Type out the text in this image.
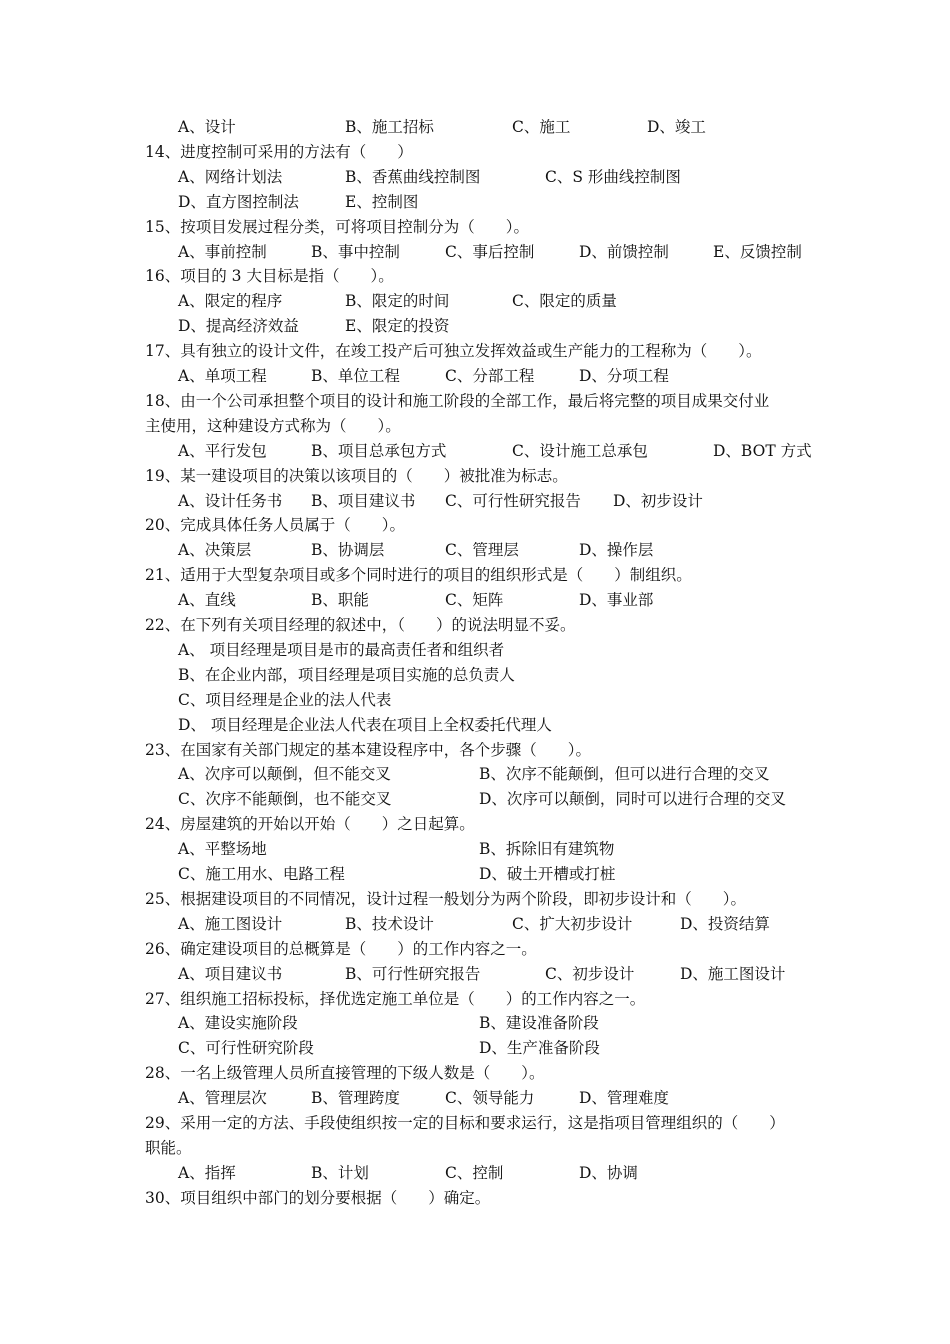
A、设计	B、施工招标	C、施工	D、竣工
14、进度控制可采用的方法有（　　）
A、网络计划法	B、香蕉曲线控制图	C、S 形曲线控制图
D、直方图控制法	E、控制图
15、按项目发展过程分类，可将项目控制分为（　　）。
A、事前控制	B、事中控制	C、事后控制	D、前馈控制	E、反馈控制
16、项目的 3 大目标是指（　　）。
A、限定的程序	B、限定的时间	C、限定的质量
D、提高经济效益	E、限定的投资
17、具有独立的设计文件，在竣工投产后可独立发挥效益或生产能力的工程称为（　　）。
A、单项工程	B、单位工程	C、分部工程	D、分项工程
18、由一个公司承担整个项目的设计和施工阶段的全部工作，最后将完整的项目成果交付业
主使用，这种建设方式称为（　　）。
A、平行发包	B、项目总承包方式	C、设计施工总承包	D、BOT 方式
19、某一建设项目的决策以该项目的（　　）被批准为标志。
A、设计任务书 B、项目建议书 C、可行性研究报告 D、初步设计
20、完成具体任务人员属于（　　）。
A、决策层	B、协调层	C、管理层	D、操作层
21、适用于大型复杂项目或多个同时进行的项目的组织形式是（　　）制组织。
A、直线	B、职能	C、矩阵	D、事业部
22、在下列有关项目经理的叙述中，（　　）的说法明显不妥。
A、 项目经理是项目是市的最高责任者和组织者
B、在企业内部，项目经理是项目实施的总负责人
C、项目经理是企业的法人代表
D、 项目经理是企业法人代表在项目上全权委托代理人
23、在国家有关部门规定的基本建设程序中，各个步骤（　　）。
A、次序可以颠倒，但不能交叉	B、次序不能颠倒，但可以进行合理的交叉
C、次序不能颠倒，也不能交叉	D、次序可以颠倒，同时可以进行合理的交叉
24、房屋建筑的开始以开始（　　）之日起算。
A、平整场地	B、拆除旧有建筑物
C、施工用水、电路工程	D、破土开槽或打桩
25、根据建设项目的不同情况，设计过程一般划分为两个阶段，即初步设计和（　　）。
A、施工图设计	B、技术设计	C、扩大初步设计	D、投资结算
26、确定建设项目的总概算是（　　）的工作内容之一。
A、项目建议书	B、可行性研究报告	C、初步设计	D、施工图设计
27、组织施工招标投标，择优选定施工单位是（　　）的工作内容之一。
A、建设实施阶段	B、建设准备阶段
C、可行性研究阶段	D、生产准备阶段
28、一名上级管理人员所直接管理的下级人数是（　　）。
A、管理层次	B、管理跨度	C、领导能力	D、管理难度
29、采用一定的方法、手段使组织按一定的目标和要求运行，这是指项目管理组织的（　　）
职能。
A、指挥	B、计划	C、控制	D、协调
30、项目组织中部门的划分要根据（　　）确定。
